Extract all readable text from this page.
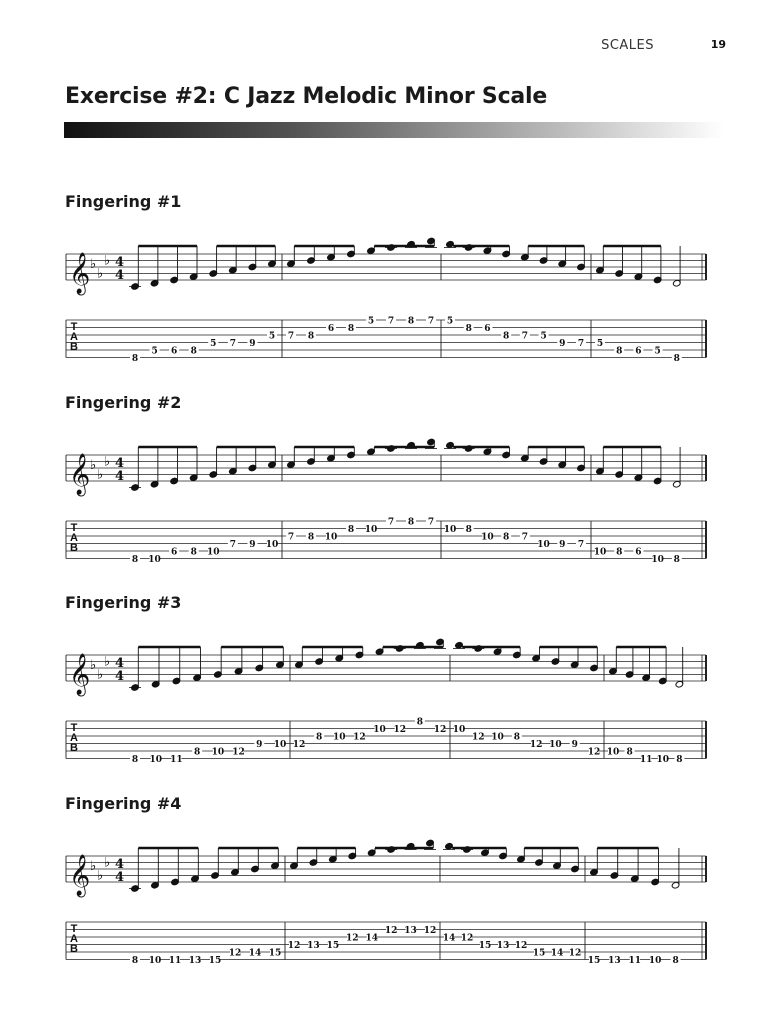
SCALES	19
Exercise #2: C Jazz Melodic Minor Scale
Fingering #1
𝄞 ♭
♭
♭ 4
4
T
A
B
8
5 6 8
5 7 9
5 7 8
6 8
5 7 8 7 5
8 6
8 7 5
9 7 5
8 6 5
8
Fingering #2
𝄞 ♭
♭
♭ 4
4
T
A
B
8 10
6 8 10
7 9 10
7 8 10
8 10
7 8 7
10 8
10 8 7
10 9 7
10 8 6
10 8
Fingering #3
𝄞 ♭
♭
♭ 4
4
T
A
B
8 10 11
8 10 12
9 10 12
8 10 12
10 12
8
12 10
12 10 8
12 10 9
12 10 8
11 10 8
Fingering #4
𝄞 ♭
♭
♭ 4
4
T
A
B
8 10 11 13 15
12 14 15
12 13 15
12 14
12 13 12
14 12
15 13 12
15 14 12
15 13 11 10 8
